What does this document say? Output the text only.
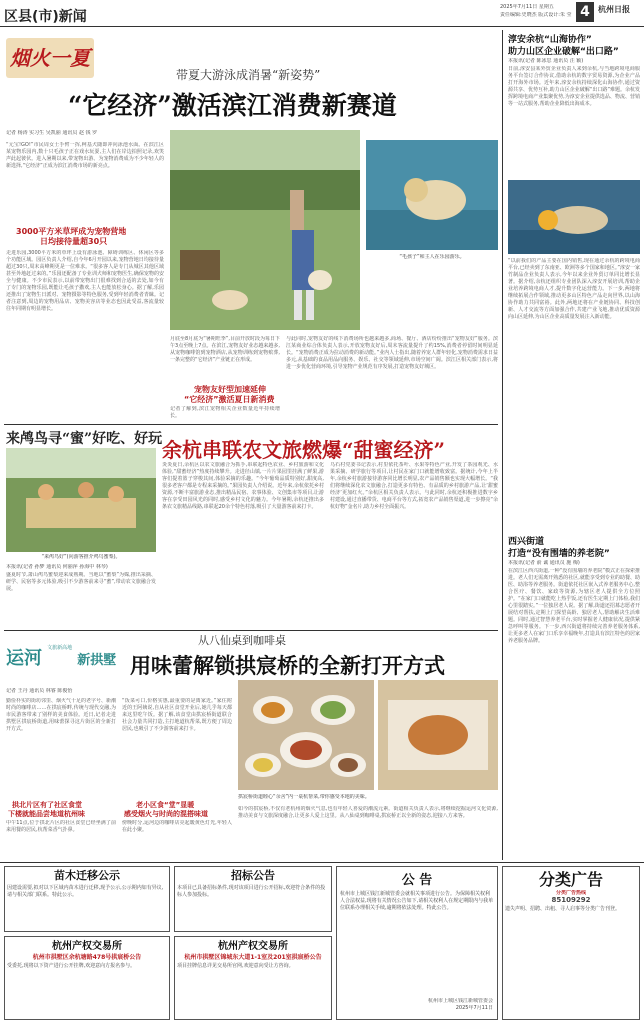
区县(市)新闻
2025年7月11日 星期五
责任编辑:史晓杰 版式设计:朱 莹 4	杭州日报
烟火一夏
带夏大游泳成消暑“新姿势”
“它经济”激活滨江消费新赛道
记者 杨涛 实习生 吴凯丽 通讯员 赵 钱 罗
“元宝!GO!”市民周女士手臂一挥,柯基犬随即冲向泳池水面。在滨江区某宠物乐园内,数十只毛孩子正在戏水玩耍,主人们在岸边拍照记录,欢笑声此起彼伏。进入暑期以来,带宠物出游、为宠物消费成为不少年轻人的新选择,“它经济”正成为滨江消费市场的新亮点。
3000平方米草坪成为宠物营地
日均接待量超30只
走进乐园,3000平方米的草坪上设有游泳池、障碍训练区、休闲区等多个功能区域。园区负责人介绍,自今年6月开园以来,宠物营地日均接待量超过30只,周末高峰期更是一位难求。“很多客人是专门从城区其他区域甚至外地赶过来的。”乐园还配备了专业训犬师和宠物医生,确保宠物的安全与健康。不少市民表示,以前带宠物出门很难找到合适的去处,如今有了专门的宠物乐园,既能让毛孩子撒欢,主人也能放松身心。据了解,乐园还推出了宠物生日派对、宠物摄影等特色服务,受到年轻消费者青睐。记者注意到,周边的宠物用品店、宠物美容店等业态也因此受益,客流量较往年同期有明显增长。
“毛孩子”和主人在乐园游乐。
月底至8月底为“暑期旺季”,目前开放时段为每日下午3点至晚上7点。在滨江,宠物友好业态越来越多,从宠物咖啡馆到宠物酒店,从宠物训练到宠物殡葬,一条完整的“它经济”产业链正在形成。
宠物友好型加速延伸
“它经济”激活夏日新消费
记者了解到,滨江宠物相关企业数量近年持续增长。
与此同时,宠物友好的线下消费场所也越来越多,商场、餐厅、酒店纷纷推出“宠物友好”服务。滨江某商业综合体负责人表示,开放宠物友好后,周末客流量提升了约15%,消费者停留时间明显延长。“宠物消费正成为拉动消费的新动能。”业内人士指出,随着养宠人群年轻化,宠物消费需求日益多元,从基础的食品用品向服务、娱乐、社交等领域延伸,市场空间广阔。滨江区相关部门表示,将进一步优化营商环境,引导宠物产业规范有序发展,打造宠物友好城区。
来鸬鸟寻“蜜”好吃、好玩
“来鸬鸟好”(向游客推介鸬鸟蜜梨)。
本报讯(记者 孙梦 通讯员 何丽萍 孙海中 林琴)
盛夏时节,萧山鸬鸟蜜梨迎来成熟期。当地以“蜜梨”为媒,推出采摘、研学、民宿等多元体验,吸引不少游客前来寻“蜜”,带动农文旅融合发展。
余杭串联农文旅燃爆“甜蜜经济”
炎炎夏日,余杭区以农文旅融合为抓手,串联起特色农业、乡村旅游和文化体验,“甜蜜经济”热度持续攀升。走进径山镇,一片片果园里挂满了鲜果,游客们提着篮子穿梭其间,体验采摘的乐趣。“今年葡萄品质特别好,甜度高,很多老客户都是专程来采摘的。”果园负责人介绍说。近年来,余杭依托乡村资源,不断丰富旅游业态,推出精品民宿、农事体验、文创集市等项目,让游客在享受田园风光的同时,感受乡村文化的魅力。今年暑期,余杭还推出多条农文旅精品线路,串联起20余个特色村落,吸引了大量游客前来打卡。
乌石村党委书记表示,村里依托茶叶、水果等特色产业,开发了茶园观光、水果采摘、研学旅行等项目,让村民在家门口就能增收致富。据统计,今年上半年,余杭乡村旅游接待游客同比增长明显,农产品销售额也实现大幅增长。“我们将继续深化农文旅融合,打造更多有特色、有品质的乡村旅游产品,让‘甜蜜经济’更加红火。”余杭区相关负责人表示。与此同时,余杭还积极推进数字乡村建设,通过直播带货、电商平台等方式,拓宽农产品销售渠道,进一步擦亮“余杭好物”金名片,助力乡村全面振兴。
运河 $^{文旅新高地}$ 新拱墅
从八仙桌到咖啡桌
用味蕾解锁拱宸桥的全新打开方式
记者 王丹 通讯员 林睿 陈俊怡
勤俭朴实的街坊邻里、烟火气十足的老字号、新潮时尚的咖啡店……在拱宸桥畔,传统与现代交融,为市民游客带来了别样的美食体验。近日,记者走进拱墅区拱宸桥街道,用味蕾探寻这片街区的全新打开方式。
拱北片区有了社区食堂
下楼就能品尝地道杭州味
中午11点,位于拱北片区的社区食堂已经坐满了前来用餐的居民,杭帮菜香气扑鼻。
“饭菜可口,价格实惠,最重要的是离家近。”家住附近的王阿姨说,自从社区食堂开业后,她几乎每天都来这里吃午饭。据了解,该食堂由拱宸桥街道联合社会力量共同打造,主打地道杭帮菜,既方便了周边居民,也吸引了不少游客前来打卡。
老小区食“堂”显暖
感受烟火与时尚的混搭味道
傍晚时分,运河边的咖啡店亮起暖黄色灯光,年轻人在此小聚。
拱宸桥街道睦心“余舍”内一桌杭帮菜,带你感受本地的美味。
如今的拱宸桥,不仅有老杭州的烟火气息,也有年轻人喜爱的潮流元素。街道相关负责人表示,将继续挖掘运河文化资源,推动美食与文旅深度融合,让更多人爱上这里。从八仙桌到咖啡桌,拱宸桥正以全新的姿态,迎接八方来客。
淳安余杭“山海协作”
助力山区企业破解“出口路”
本报讯(记者 陈冰思 通讯员 汪 颖)
日前,淳安县某外贸企业负责人来到余杭,与当地跨境电商服务平台签订合作协议,借助余杭的数字贸易资源,为企业产品打开海外市场。近年来,淳安余杭持续深化山海协作,通过资源共享、优势互补,助力山区企业破解“出口路”难题。余杭发挥跨境电商产业集聚优势,为淳安企业提供选品、物流、营销等一站式服务,帮助企业降低出海成本。
“以前我们的产品主要在国内销售,现在通过余杭的跨境电商平台,已经卖到了东南亚、欧洲等多个国家和地区。”淳安一家竹制品企业负责人表示,今年以来企业外贸订单同比增长显著。据介绍,余杭还组织专业团队深入淳安开展培训,帮助企业培养跨境电商人才,提升数字化运营能力。下一步,两地将继续拓展合作领域,推动更多山区特色产品走向世界,以山海协作助力共同富裕。此外,两地还将在产业链协同、科技创新、人才交流等方面加强合作,共建产业飞地,推动优质资源向山区延伸,为山区企业高质量发展注入新动能。
西兴街道
打造“没有围墙的养老院”
本报讯(记者 俞 诚 通讯员 施 梅)
在滨江区西兴街道,一种“没有围墙的养老院”模式正在探索推进。老人们无需离开熟悉的社区,就能享受到专业的助餐、助医、助浴等养老服务。街道依托社区嵌入式养老服务中心,整合医疗、餐饮、家政等资源,为辖区老人提供全方位照护。“在家门口就能吃上热乎饭,还有医生定期上门体检,我们心里很踏实。”一位独居老人说。据了解,街道还招募志愿者开展结对帮扶,定期上门探望高龄、独居老人,帮助解决生活难题。同时,通过智慧养老平台,实时掌握老人健康状况,提供紧急呼叫等服务。下一步,西兴街道将持续完善养老服务体系,让更多老人在家门口乐享幸福晚年,打造具有滨江特色的居家养老服务品牌。
苗木迁移公示
因建设需要,拟对以下区域内苗木进行迁移,现予公示,公示期内如有异议,请与相关部门联系。特此公示。
招标公告
本项目已具备招标条件,现对该项目进行公开招标,欢迎符合条件的投标人参加投标。
杭州产权交易所
杭州市拱墅区余杭塘路478号拱宸桥公告
受委托,现将以下资产进行公开挂牌,欢迎意向方报名参与。
杭州产权交易所
杭州市拱墅区锦城东大道1-1室及201室拱宸桥公告
项目挂牌信息详见交易所官网,欢迎意向受让方咨询。
公 告
杭州市上城区钱江新城管委会就相关事项进行公告。为保障相关权利人合法权益,现将有关情况公告如下,请相关权利人在规定期限内与我单位联系办理相关手续,逾期将依法处理。特此公告。
杭州市上城区钱江新城管委会
2025年7月11日
分类广告
分类广告热线
85109292
遗失声明、招聘、出租、寻人启事等分类广告刊登。
